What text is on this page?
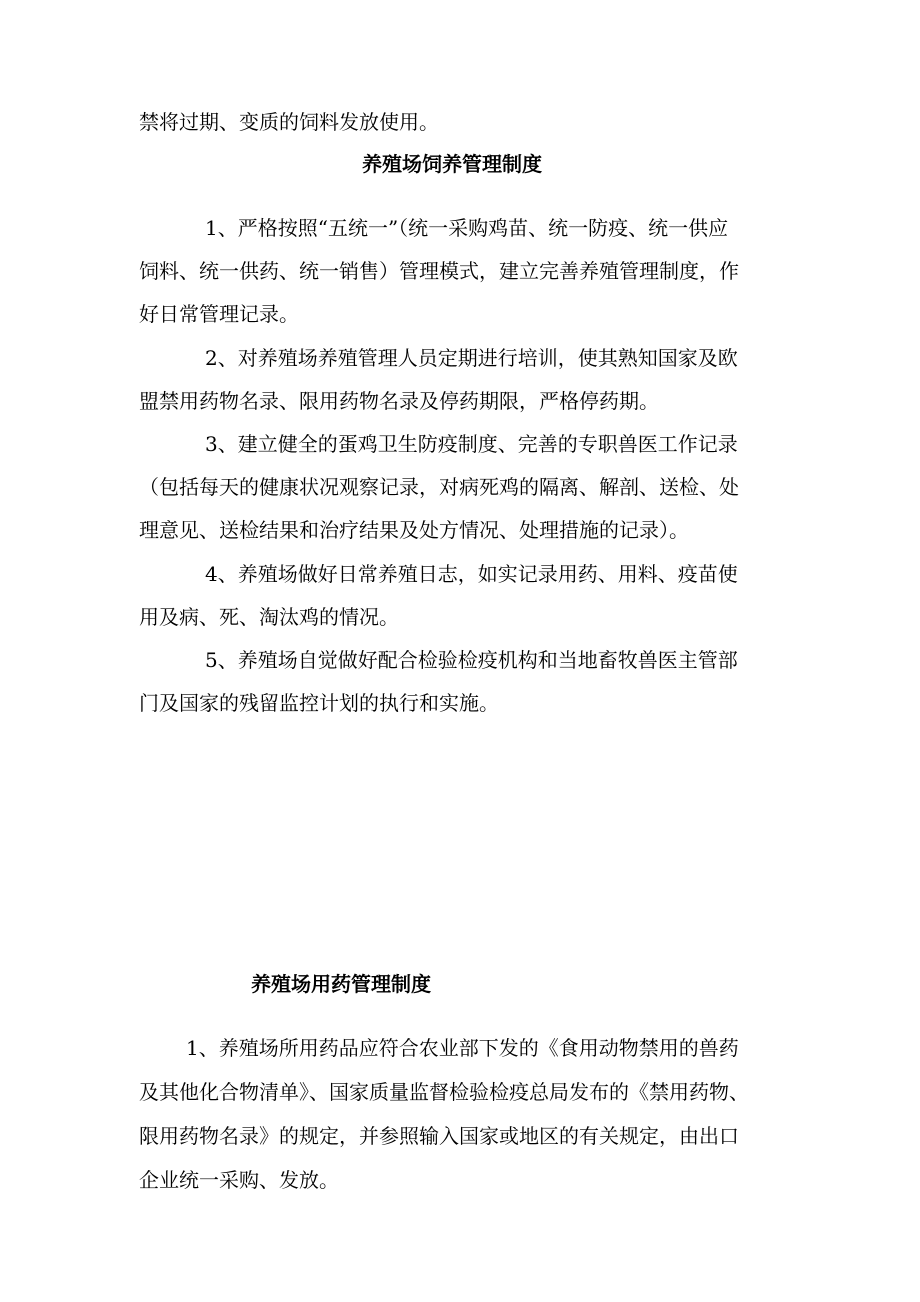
禁将过期、变质的饲料发放使用。
养殖场饲养管理制度
1、严格按照“五统一”（统一采购鸡苗、统一防疫、统一供应
饲料、统一供药、统一销售）管理模式，建立完善养殖管理制度，作
好日常管理记录。
2、对养殖场养殖管理人员定期进行培训，使其熟知国家及欧
盟禁用药物名录、限用药物名录及停药期限，严格停药期。
3、建立健全的蛋鸡卫生防疫制度、完善的专职兽医工作记录
（包括每天的健康状况观察记录，对病死鸡的隔离、解剖、送检、处
理意见、送检结果和治疗结果及处方情况、处理措施的记录）。
4、养殖场做好日常养殖日志，如实记录用药、用料、疫苗使
用及病、死、淘汰鸡的情况。
5、养殖场自觉做好配合检验检疫机构和当地畜牧兽医主管部
门及国家的残留监控计划的执行和实施。
养殖场用药管理制度
1、养殖场所用药品应符合农业部下发的《食用动物禁用的兽药
及其他化合物清单》、国家质量监督检验检疫总局发布的《禁用药物、
限用药物名录》的规定，并参照输入国家或地区的有关规定，由出口
企业统一采购、发放。
